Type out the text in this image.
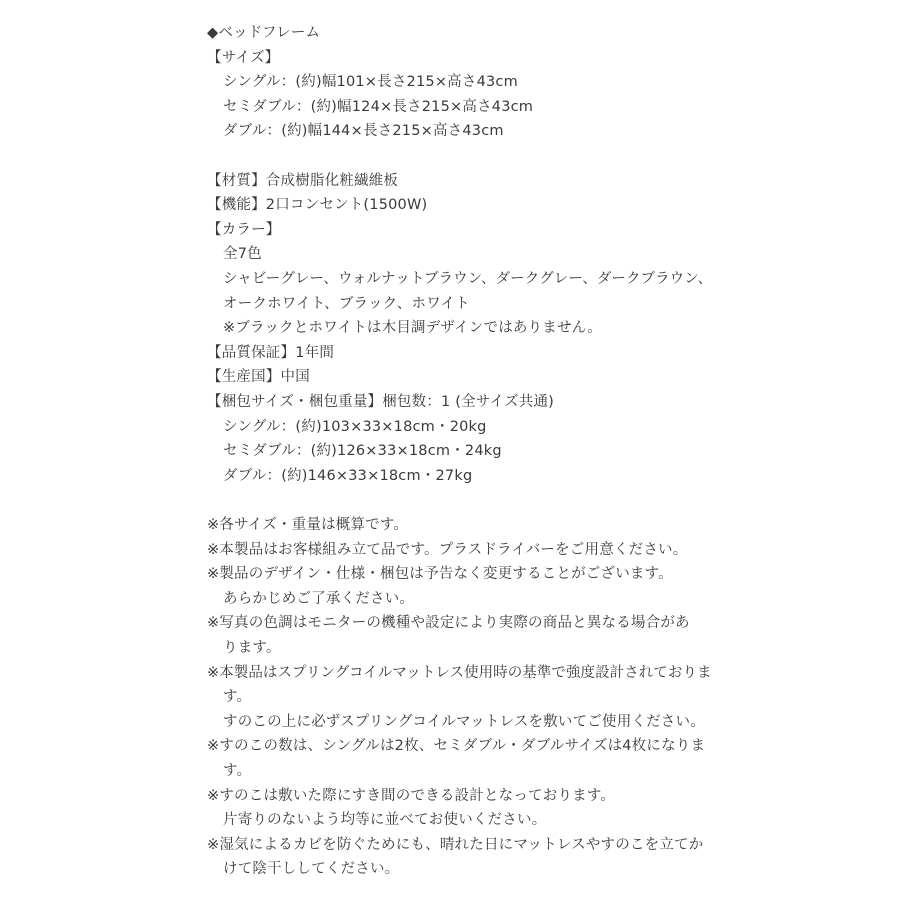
◆ベッドフレーム
【サイズ】
シングル：(約)幅101×長さ215×高さ43cm
セミダブル：(約)幅124×長さ215×高さ43cm
ダブル：(約)幅144×長さ215×高さ43cm
【材質】合成樹脂化粧繊維板
【機能】2口コンセント(1500W)
【カラー】
全7色
シャビーグレー、ウォルナットブラウン、ダークグレー、ダークブラウン、
オークホワイト、ブラック、ホワイト
※ブラックとホワイトは木目調デザインではありません。
【品質保証】1年間
【生産国】中国
【梱包サイズ・梱包重量】梱包数：1 (全サイズ共通)
シングル：(約)103×33×18cm・20kg
セミダブル：(約)126×33×18cm・24kg
ダブル：(約)146×33×18cm・27kg
※各サイズ・重量は概算です。
※本製品はお客様組み立て品です。プラスドライバーをご用意ください。
※製品のデザイン・仕様・梱包は予告なく変更することがございます。
あらかじめご了承ください。
※写真の色調はモニターの機種や設定により実際の商品と異なる場合があ
ります。
※本製品はスプリングコイルマットレス使用時の基準で強度設計されておりま
す。
すのこの上に必ずスプリングコイルマットレスを敷いてご使用ください。
※すのこの数は、シングルは2枚、セミダブル・ダブルサイズは4枚になりま
す。
※すのこは敷いた際にすき間のできる設計となっております。
片寄りのないよう均等に並べてお使いください。
※湿気によるカビを防ぐためにも、晴れた日にマットレスやすのこを立てか
けて陰干ししてください。
